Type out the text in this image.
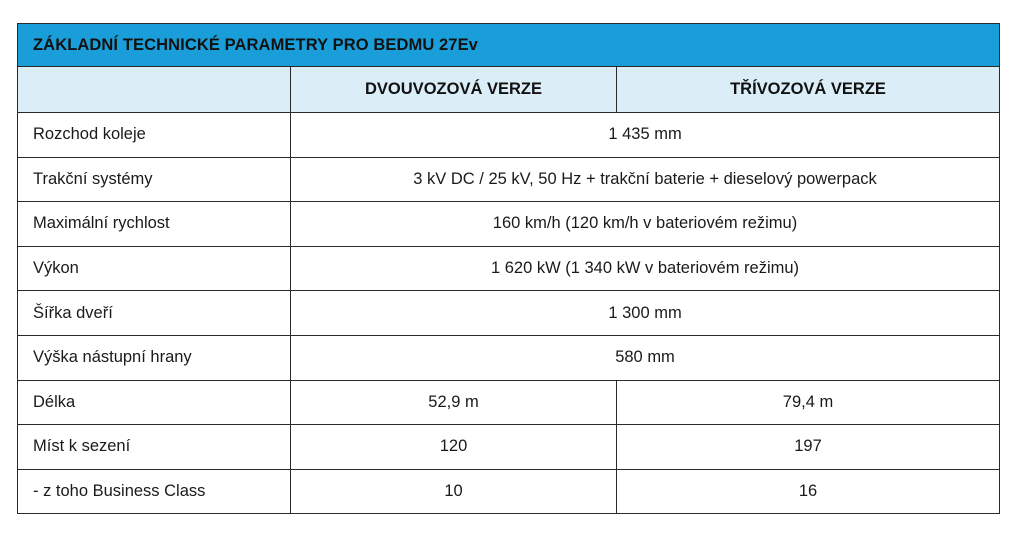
ZÁKLADNÍ TECHNICKÉ PARAMETRY PRO BEDMU 27Ev		
	DVOUVOZOVÁ VERZE	TŘÍVOZOVÁ VERZE
Rozchod koleje	1 435 mm	
Trakční systémy	3 kV DC / 25 kV, 50 Hz + trakční baterie + dieselový powerpack	
Maximální rychlost	160 km/h (120 km/h v bateriovém režimu)	
Výkon	1 620 kW (1 340 kW v bateriovém režimu)	
Šířka dveří	1 300 mm	
Výška nástupní hrany	580 mm	
Délka	52,9 m	79,4 m
Míst k sezení	120	197
- z toho Business Class	10	16
